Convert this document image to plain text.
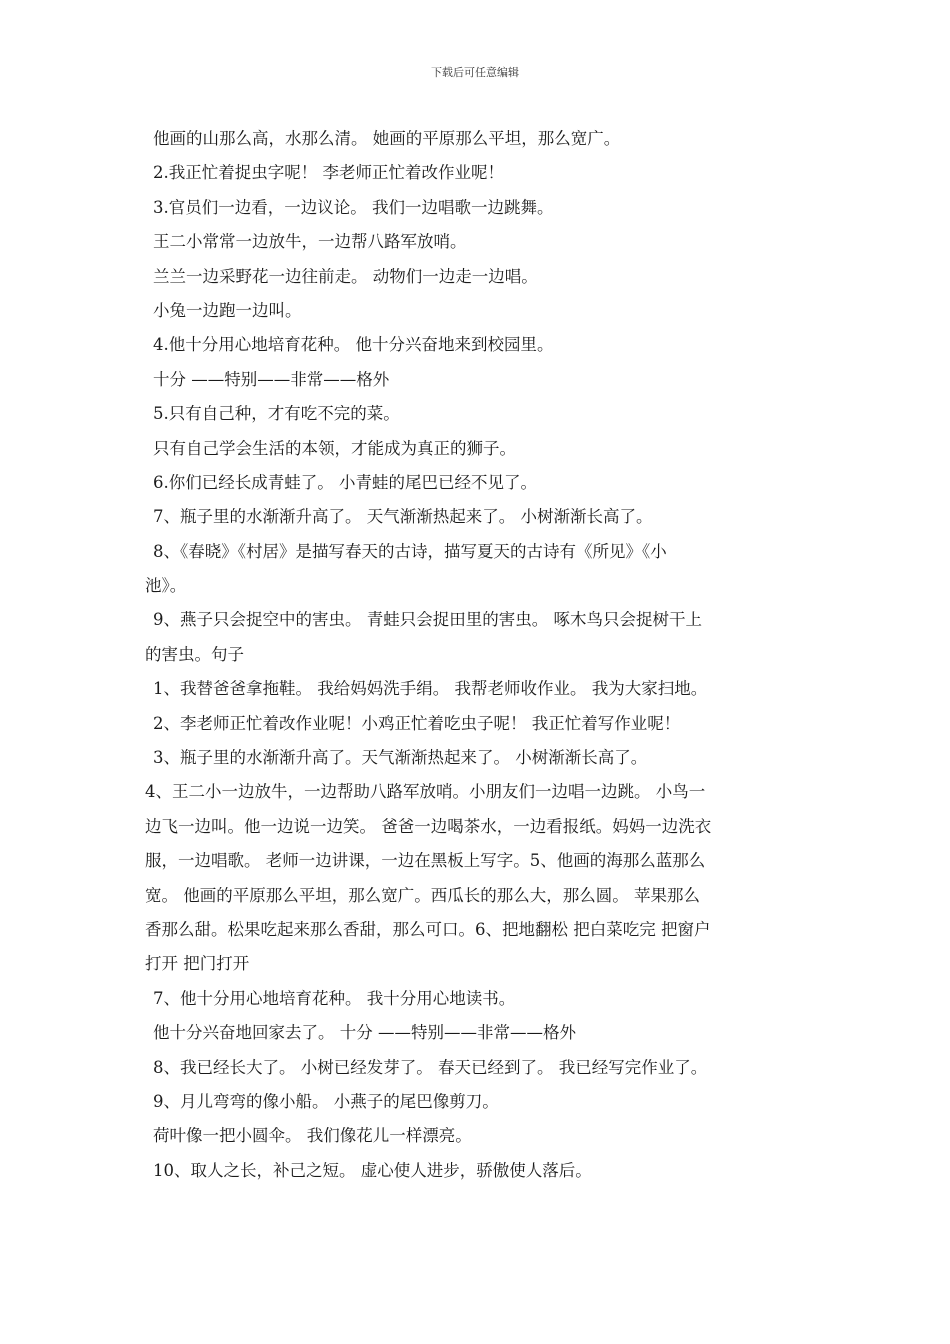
下载后可任意编辑
他画的山那么高，水那么清。 她画的平原那么平坦，那么宽广。
2.我正忙着捉虫字呢！ 李老师正忙着改作业呢！
3.官员们一边看，一边议论。 我们一边唱歌一边跳舞。
王二小常常一边放牛，一边帮八路军放哨。
兰兰一边采野花一边往前走。 动物们一边走一边唱。
小兔一边跑一边叫。
4.他十分用心地培育花种。 他十分兴奋地来到校园里。
十分 ——特别——非常——格外
5.只有自己种，才有吃不完的菜。
只有自己学会生活的本领，才能成为真正的狮子。
6.你们已经长成青蛙了。 小青蛙的尾巴已经不见了。
7、瓶子里的水渐渐升高了。 天气渐渐热起来了。 小树渐渐长高了。
8、《春晓》《村居》是描写春天的古诗，描写夏天的古诗有《所见》《小
池》。
9、燕子只会捉空中的害虫。 青蛙只会捉田里的害虫。 啄木鸟只会捉树干上
的害虫。句子
1、我替爸爸拿拖鞋。 我给妈妈洗手绢。 我帮老师收作业。 我为大家扫地。
2、李老师正忙着改作业呢！小鸡正忙着吃虫子呢！ 我正忙着写作业呢！
3、瓶子里的水渐渐升高了。天气渐渐热起来了。 小树渐渐长高了。
4、王二小一边放牛，一边帮助八路军放哨。小朋友们一边唱一边跳。 小鸟一
边飞一边叫。他一边说一边笑。 爸爸一边喝茶水，一边看报纸。妈妈一边洗衣
服，一边唱歌。 老师一边讲课，一边在黑板上写字。5、他画的海那么蓝那么
宽。 他画的平原那么平坦，那么宽广。西瓜长的那么大，那么圆。 苹果那么
香那么甜。松果吃起来那么香甜，那么可口。6、把地翻松 把白菜吃完 把窗户
打开 把门打开
7、他十分用心地培育花种。 我十分用心地读书。
他十分兴奋地回家去了。 十分 ——特别——非常——格外
8、我已经长大了。 小树已经发芽了。 春天已经到了。 我已经写完作业了。
9、月儿弯弯的像小船。 小燕子的尾巴像剪刀。
荷叶像一把小圆伞。 我们像花儿一样漂亮。
10、取人之长，补己之短。 虚心使人进步，骄傲使人落后。
